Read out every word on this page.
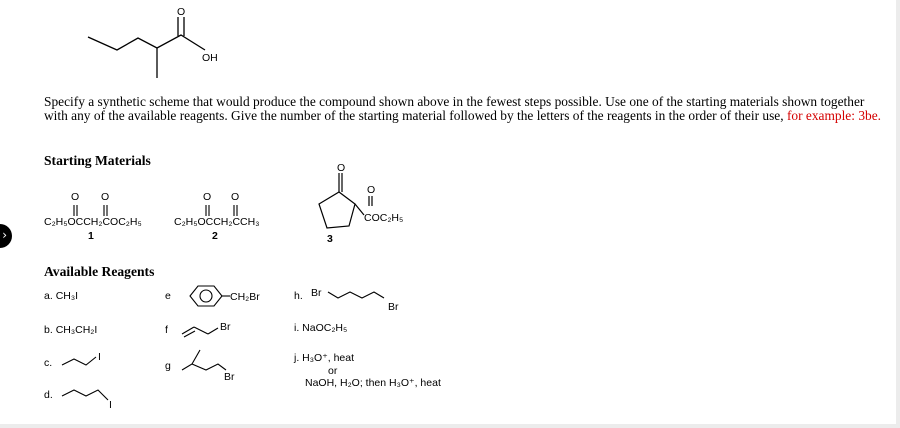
O
OH
Specify a synthetic scheme that would produce the compound shown above in the fewest steps possible. Use one of the starting materials shown together with any of the available reagents. Give the number of the starting material followed by the letters of the reagents in the order of their use, for example: 3be.
Starting Materials
O O
C₂H₅OCCH₂COC₂H₅
1
O O
C₂H₅OCCH₂CCH₃
2
O
O
COC₂H₅
3
Available Reagents
a. CH₃I
b. CH₃CH₂I
c.	I
d.
I
e	CH₂Br
f	Br
g
Br
h. Br
Br
i. NaOC₂H₅
j. H₃O⁺, heat
or
NaOH, H₂O; then H₃O⁺, heat
›
